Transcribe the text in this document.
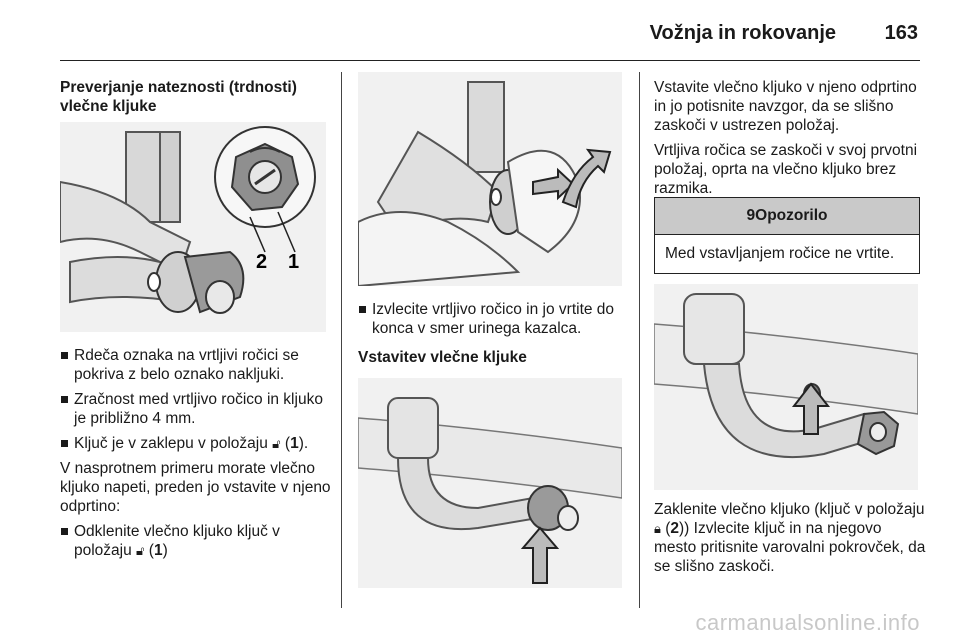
Vožnja in rokovanje 163

Preverjanje nateznosti (trdnosti) vlečne kljuke

2 1
Rdeča oznaka na vrtljivi ročici se pokriva z belo oznako nakljuki.
Zračnost med vrtljivo ročico in kljuko je približno 4 mm.
Ključ je v zaklepu v položaju 🔓︎ (1).

V nasprotnem primeru morate vlečno kljuko napeti, preden jo vstavite v njeno odprtino:

Odklenite vlečno kljuko ključ v položaju 🔓︎ (1)
Izvlecite vrtljivo ročico in jo vrtite do konca v smer urinega kazalca.

Vstavitev vlečne kljuke

Vstavite vlečno kljuko v njeno odprtino in jo potisnite navzgor, da se slišno zaskoči v ustrezen položaj.

Vrtljiva ročica se zaskoči v svoj prvotni položaj, oprta na vlečno kljuko brez razmika.

9Opozorilo
Med vstavljanjem ročice ne vrtite.

Zaklenite vlečno kljuko (ključ v položaju 🔒︎ (2)) Izvlecite ključ in na njegovo mesto pritisnite varovalni pokrovček, da se slišno zaskoči.

carmanualsonline.info
